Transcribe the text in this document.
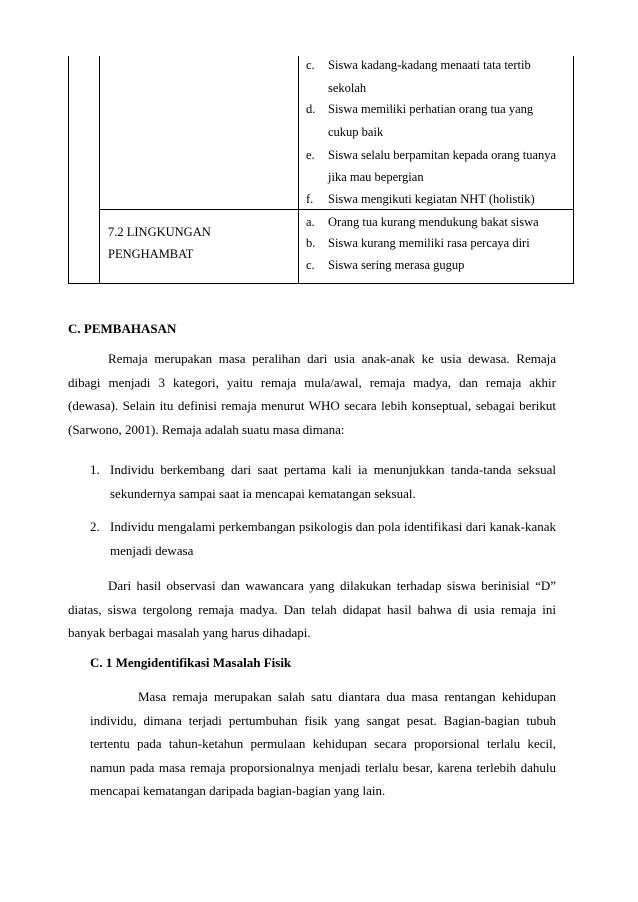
c. Siswa kadang-kadang menaati tata tertib
sekolah
d. Siswa memiliki perhatian orang tua yang
cukup baik
e. Siswa selalu berpamitan kepada orang tuanya
jika mau bepergian
f. Siswa mengikuti kegiatan NHT (holistik)
7.2 LINGKUNGAN
PENGHAMBAT
a. Orang tua kurang mendukung bakat siswa
b. Siswa kurang memiliki rasa percaya diri
c. Siswa sering merasa gugup
C. PEMBAHASAN
Remaja merupakan masa peralihan dari usia anak-anak ke usia dewasa. Remaja
dibagi menjadi 3 kategori, yaitu remaja mula/awal, remaja madya, dan remaja akhir
(dewasa). Selain itu definisi remaja menurut WHO secara lebih konseptual, sebagai berikut
(Sarwono, 2001). Remaja adalah suatu masa dimana:
1. Individu berkembang dari saat pertama kali ia menunjukkan tanda-tanda seksual
sekundernya sampai saat ia mencapai kematangan seksual.
2. Individu mengalami perkembangan psikologis dan pola identifikasi dari kanak-kanak
menjadi dewasa
Dari hasil observasi dan wawancara yang dilakukan terhadap siswa berinisial “D”
diatas, siswa tergolong remaja madya. Dan telah didapat hasil bahwa di usia remaja ini
banyak berbagai masalah yang harus dihadapi.
C. 1 Mengidentifikasi Masalah Fisik
Masa remaja merupakan salah satu diantara dua masa rentangan kehidupan
individu, dimana terjadi pertumbuhan fisik yang sangat pesat. Bagian-bagian tubuh
tertentu pada tahun-ketahun permulaan kehidupan secara proporsional terlalu kecil,
namun pada masa remaja proporsionalnya menjadi terlalu besar, karena terlebih dahulu
mencapai kematangan daripada bagian-bagian yang lain.
